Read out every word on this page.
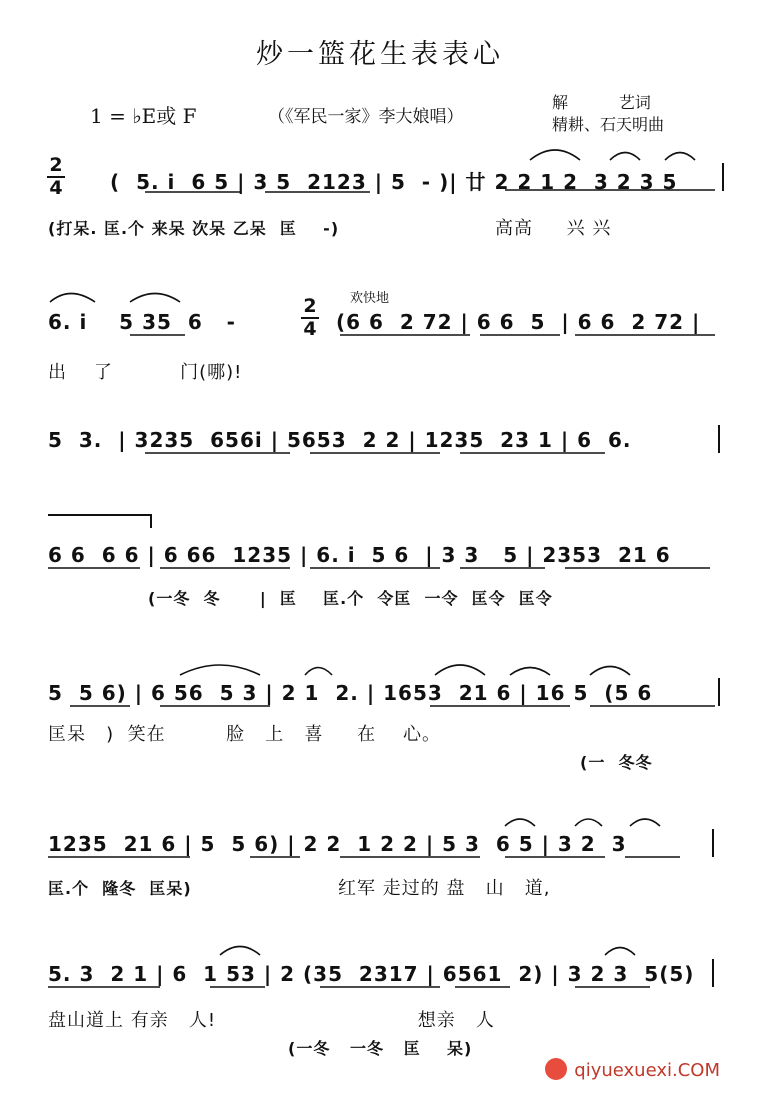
炒一篮花生表表心
1 = ♭E或 F	（《军民一家》李大娘唱）
解          艺词
精耕、石天明曲
2
4 (  5. i  6 5 | 3 5  2123 | 5  - )| 廿 2 2 1 2  3 2 3 5
(打呆. 匡.个 来呆 次呆 乙呆  匡    -)	高高     兴 兴
欢快地
6. i    5 35  6   -
2
4 (6 6  2 72 | 6 6  5  | 6 6  2 72 |
出    了          门(哪)!
5  3.  | 3235  656i | 5653  2 2 | 1235  23 1 | 6  6.
6 6  6 6 | 6 66  1235 | 6. i  5 6  | 3 3   5 | 2353  21 6
(一冬  冬      |  匡    匡.个  令匡  一令  匡令  匡令
5  5 6) | 6 56  5 3 | 2 1  2. | 1653  21 6 | 16 5  (5 6
匡呆   )  笑在         脸   上   喜     在    心。
(一  冬冬
1235  21 6 | 5  5 6) | 2 2  1 2 2 | 5 3  6 5 | 3 2  3
匡.个  隆冬  匡呆)	红军 走过的 盘   山   道,
5. 3  2 1 | 6  1 53 | 2 (35  2317 | 6561  2) | 3 2 3  5(5)
盘山道上 有亲   人!                              想亲   人
(一冬   一冬   匡    呆)
qiyuexuexi.COM
